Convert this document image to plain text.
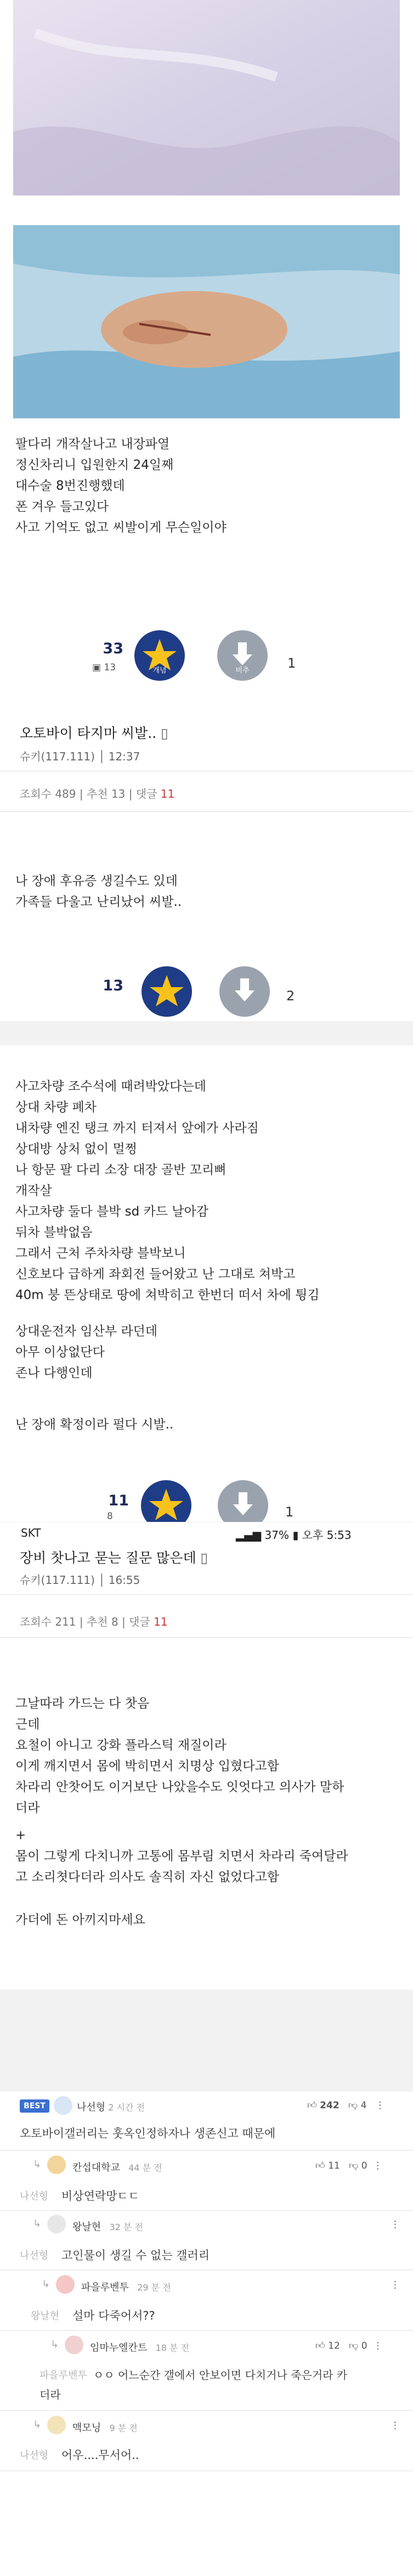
팔다리 개작살나고 내장파열
정신차리니 입원한지 24일째
대수술 8번진행했데
폰 겨우 들고있다
사고 기억도 없고 씨발이게 무슨일이야
33
▣ 13	개념	비추	1
오토바이 타지마 씨발.. ▯
슈키(117.111) │ 12:37
조회수 489 | 추천 13 | 댓글 11
나 장애 후유증 생길수도 있데
가족들 다울고 난리났어 씨발..
13
2
사고차량 조수석에 때려박았다는데
상대 차량 폐차
내차량 엔진 탱크 까지 터져서 앞에가 사라짐
상대방 상처 없이 멀쩡
나 항문 팔 다리 소장 대장 골반 꼬리뼈
개작살
사고차량 둘다 블박 sd 카드 날아감
뒤차 블박없음
그래서 근처 주차차량 블박보니
신호보다 급하게 좌회전 들어왔고 난 그대로 쳐박고
40m 붕 뜬상태로 땅에 쳐박히고 한번더 떠서 차에 튕김
상대운전자 임산부 라던데
아무 이상없단다
존나 다행인데
난 장애 확정이라 펄다 시발..
11
8	1
SKT	▂▄▆ 37% ▮ 오후 5:53
장비 찻나고 묻는 질문 많은데 ▯
슈키(117.111) │ 16:55
조회수 211 | 추천 8 | 댓글 11
그날따라 가드는 다 찻음
근데
요철이 아니고 강화 플라스틱 재질이라
이게 깨지면서 몸에 박히면서 치명상 입혔다고함
차라리 안찻어도 이거보단 나았을수도 잇엇다고 의사가 말하
더라
+
몸이 그렇게 다치니까 고통에 몸부림 치면서 차라리 죽여달라
고 소리쳣다더라 의사도 솔직히 자신 없었다고함
가더에 돈 아끼지마세요
BEST	나선형 2 시간 전	👍︎ 242 👎︎ 4 ⋮
오토바이갤러리는 훗옥인정하자나 생존신고 때문에
↳	칸섭대학교 44 분 전	👍︎ 11 👎︎ 0 ⋮
나선형 비상연락망ㄷㄷ
↳	왕날현 32 분 전	⋮
나선형 고인물이 생길 수 없는 갤러리
↳	파을루벤투 29 분 전	⋮
왕날현 설마 다죽어서??
↳	임마누엘칸트 18 분 전	👍︎ 12 👎︎ 0 ⋮
파을루벤투 ㅇㅇ 어느순간 갤에서 안보이면 다치거나 죽은거라 카
더라
↳	맥모닝 9 분 전	⋮
나선형 어우....무서어..
